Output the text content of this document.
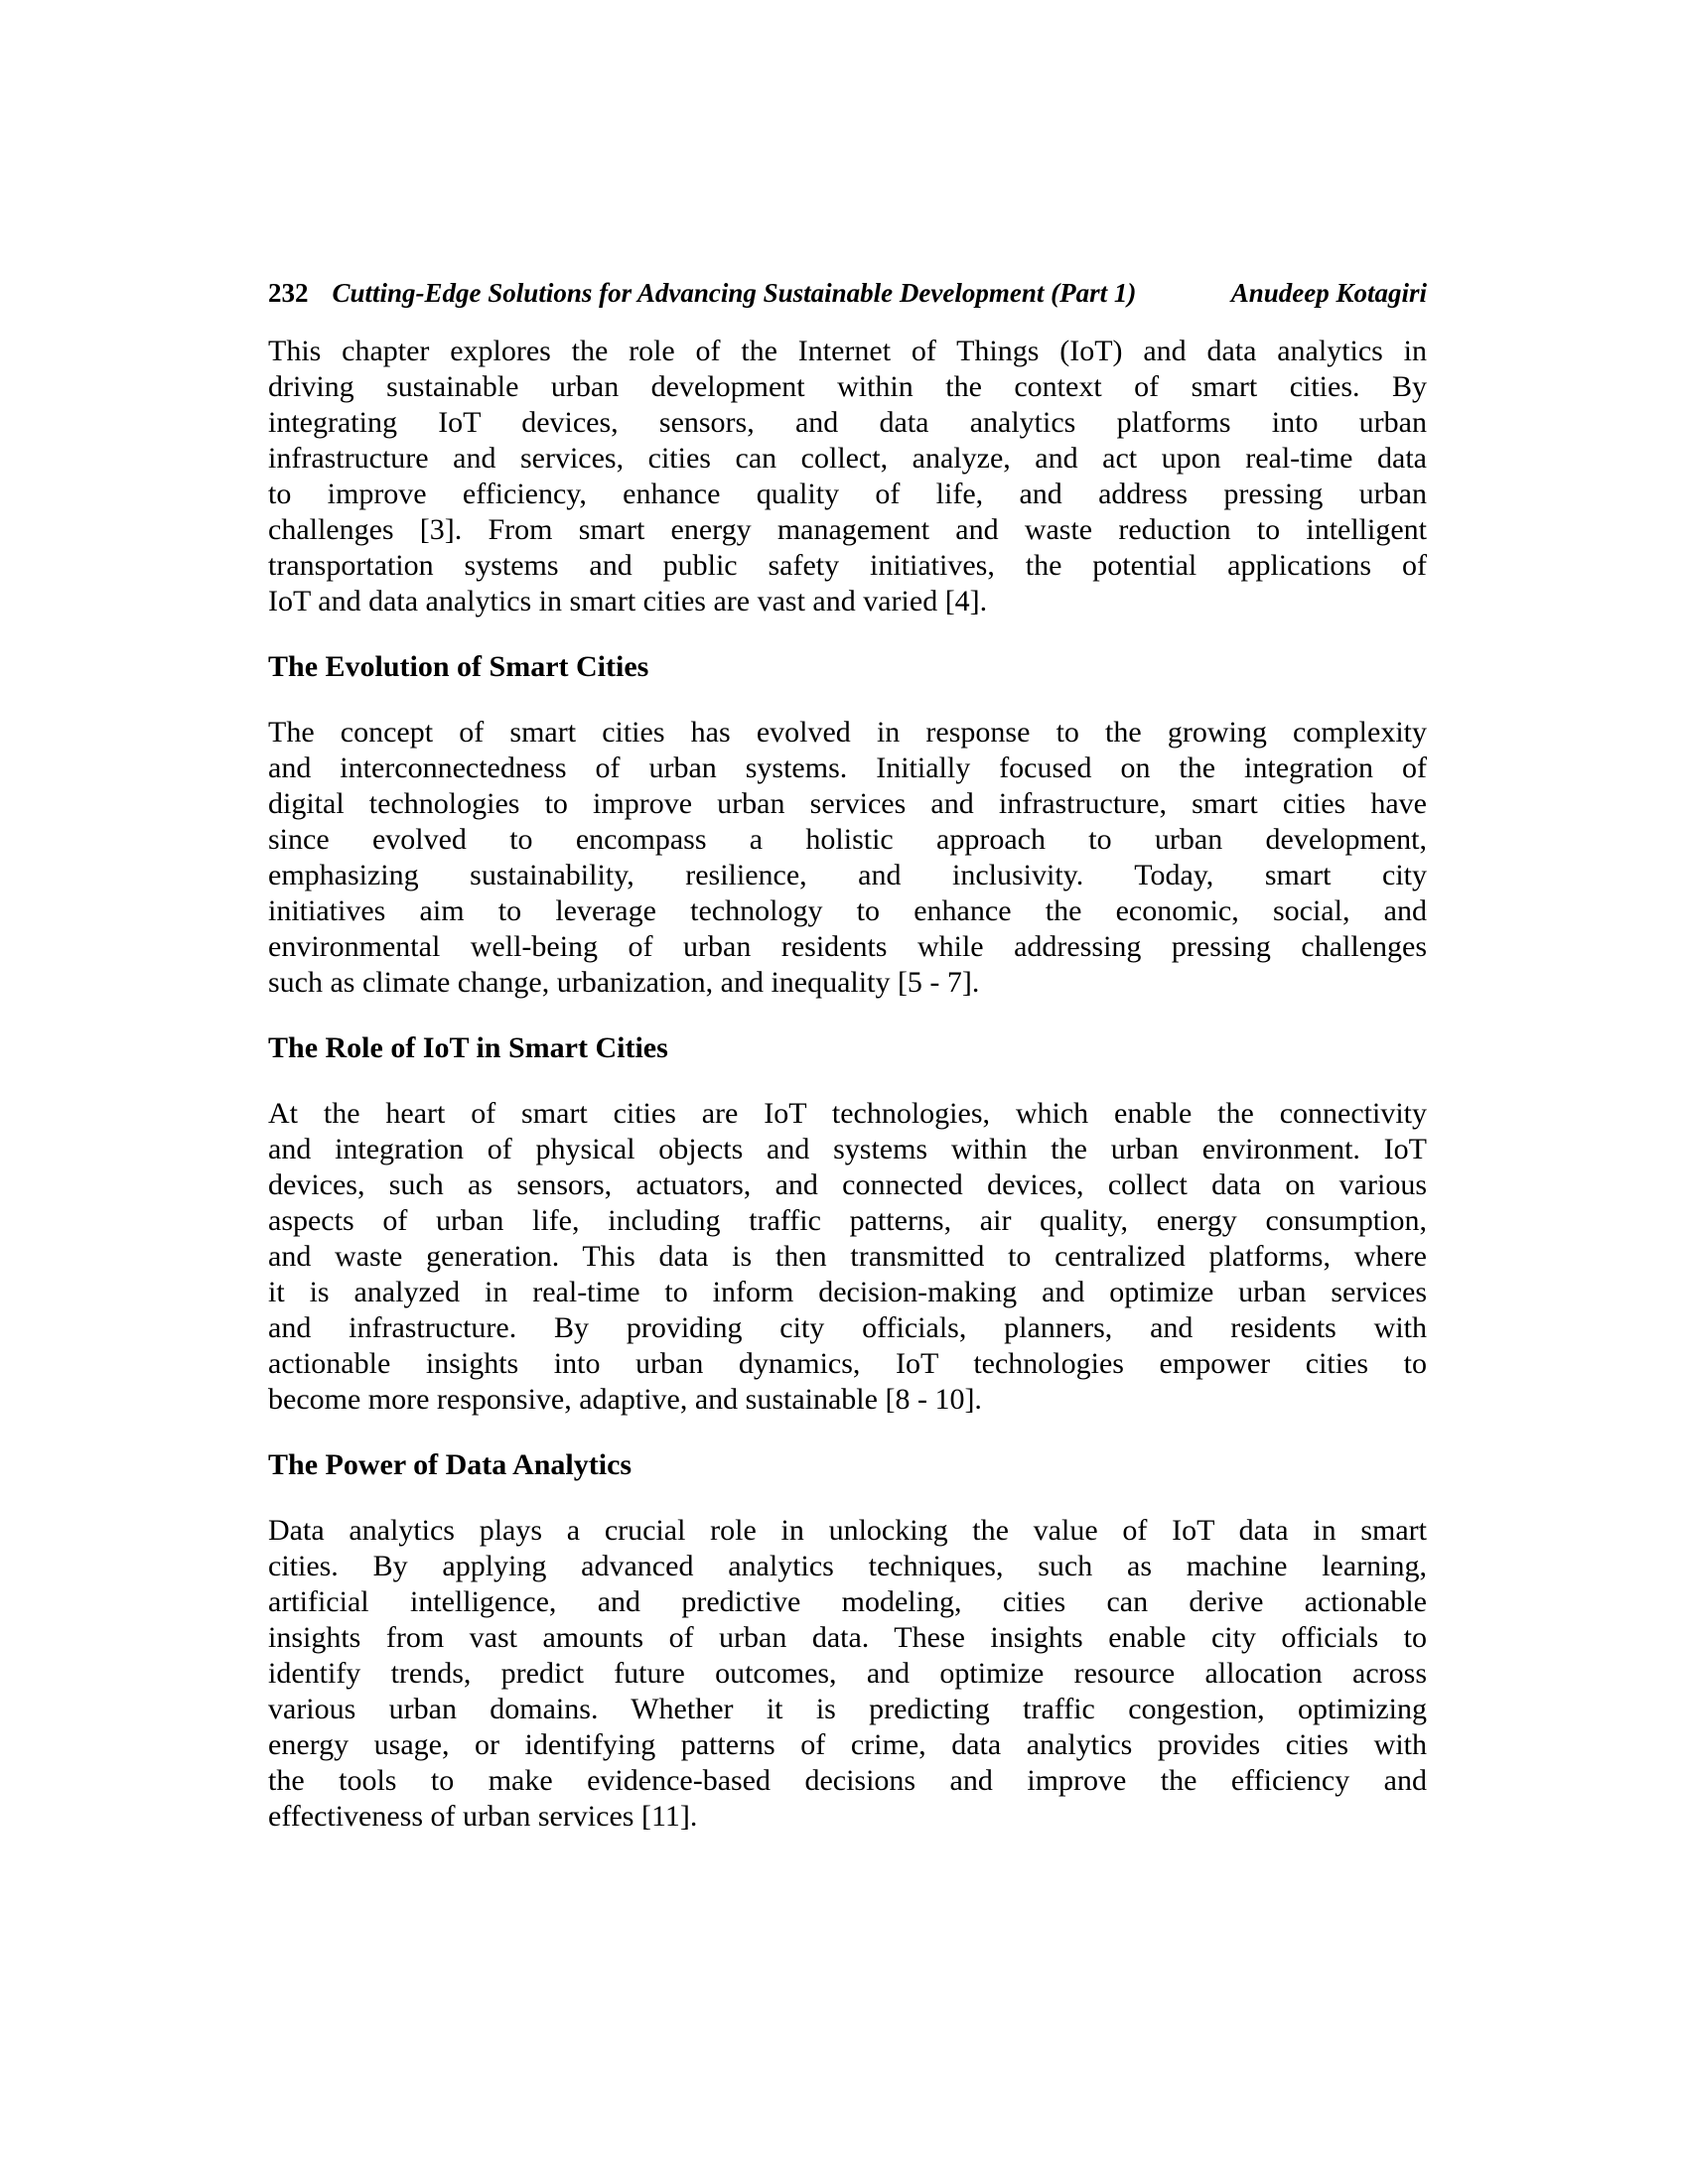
232 Cutting-Edge Solutions for Advancing Sustainable Development (Part 1)	Anudeep Kotagiri
This chapter explores the role of the Internet of Things (IoT) and data analytics in
driving sustainable urban development within the context of smart cities. By
integrating IoT devices, sensors, and data analytics platforms into urban
infrastructure and services, cities can collect, analyze, and act upon real-time data
to improve efficiency, enhance quality of life, and address pressing urban
challenges [3]. From smart energy management and waste reduction to intelligent
transportation systems and public safety initiatives, the potential applications of
IoT and data analytics in smart cities are vast and varied [4].
The Evolution of Smart Cities
The concept of smart cities has evolved in response to the growing complexity
and interconnectedness of urban systems. Initially focused on the integration of
digital technologies to improve urban services and infrastructure, smart cities have
since evolved to encompass a holistic approach to urban development,
emphasizing sustainability, resilience, and inclusivity. Today, smart city
initiatives aim to leverage technology to enhance the economic, social, and
environmental well-being of urban residents while addressing pressing challenges
such as climate change, urbanization, and inequality [5 - 7].
The Role of IoT in Smart Cities
At the heart of smart cities are IoT technologies, which enable the connectivity
and integration of physical objects and systems within the urban environment. IoT
devices, such as sensors, actuators, and connected devices, collect data on various
aspects of urban life, including traffic patterns, air quality, energy consumption,
and waste generation. This data is then transmitted to centralized platforms, where
it is analyzed in real-time to inform decision-making and optimize urban services
and infrastructure. By providing city officials, planners, and residents with
actionable insights into urban dynamics, IoT technologies empower cities to
become more responsive, adaptive, and sustainable [8 - 10].
The Power of Data Analytics
Data analytics plays a crucial role in unlocking the value of IoT data in smart
cities. By applying advanced analytics techniques, such as machine learning,
artificial intelligence, and predictive modeling, cities can derive actionable
insights from vast amounts of urban data. These insights enable city officials to
identify trends, predict future outcomes, and optimize resource allocation across
various urban domains. Whether it is predicting traffic congestion, optimizing
energy usage, or identifying patterns of crime, data analytics provides cities with
the tools to make evidence-based decisions and improve the efficiency and
effectiveness of urban services [11].
